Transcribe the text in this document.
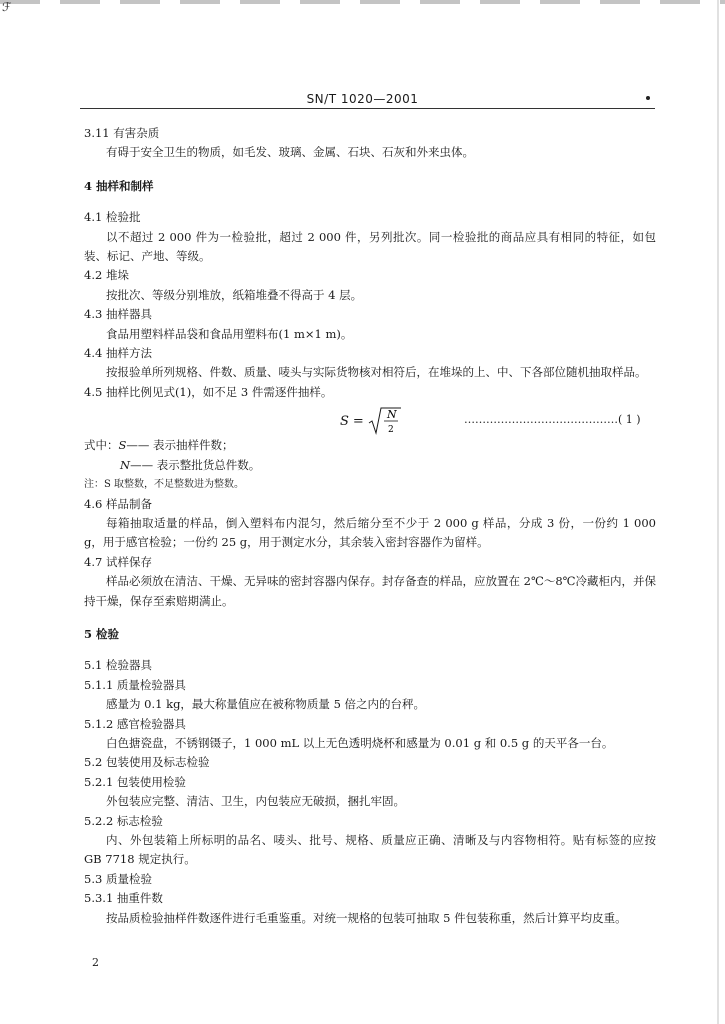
ℱ
SN/T 1020—2001
3.11 有害杂质
有碍于安全卫生的物质，如毛发、玻璃、金属、石块、石灰和外来虫体。
4 抽样和制样
4.1 检验批
以不超过 2 000 件为一检验批，超过 2 000 件，另列批次。同一检验批的商品应具有相同的特征，如包装、标记、产地、等级。
4.2 堆垛
按批次、等级分别堆放，纸箱堆叠不得高于 4 层。
4.3 抽样器具
食品用塑料样品袋和食品用塑料布(1 m×1 m)。
4.4 抽样方法
按报验单所列规格、件数、质量、唛头与实际货物核对相符后，在堆垛的上、中、下各部位随机抽取样品。
4.5 抽样比例见式(1)，如不足 3 件需逐件抽样。
S = N
2
……………………………………( 1 )
式中：S—— 表示抽样件数；
N—— 表示整批货总件数。
注：S 取整数，不足整数进为整数。
4.6 样品制备
每箱抽取适量的样品，倒入塑料布内混匀，然后缩分至不少于 2 000 g 样品，分成 3 份，一份约 1 000 g，用于感官检验；一份约 25 g，用于测定水分，其余装入密封容器作为留样。
4.7 试样保存
样品必须放在清洁、干燥、无异味的密封容器内保存。封存备查的样品，应放置在 2℃～8℃冷藏柜内，并保持干燥，保存至索赔期满止。
5 检验
5.1 检验器具
5.1.1 质量检验器具
感量为 0.1 kg，最大称量值应在被称物质量 5 倍之内的台秤。
5.1.2 感官检验器具
白色搪瓷盘，不锈钢镊子，1 000 mL 以上无色透明烧杯和感量为 0.01 g 和 0.5 g 的天平各一台。
5.2 包装使用及标志检验
5.2.1 包装使用检验
外包装应完整、清洁、卫生，内包装应无破损，捆扎牢固。
5.2.2 标志检验
内、外包装箱上所标明的品名、唛头、批号、规格、质量应正确、清晰及与内容物相符。贴有标签的应按 GB 7718 规定执行。
5.3 质量检验
5.3.1 抽重件数
按品质检验抽样件数逐件进行毛重鉴重。对统一规格的包装可抽取 5 件包装称重，然后计算平均皮重。
2
